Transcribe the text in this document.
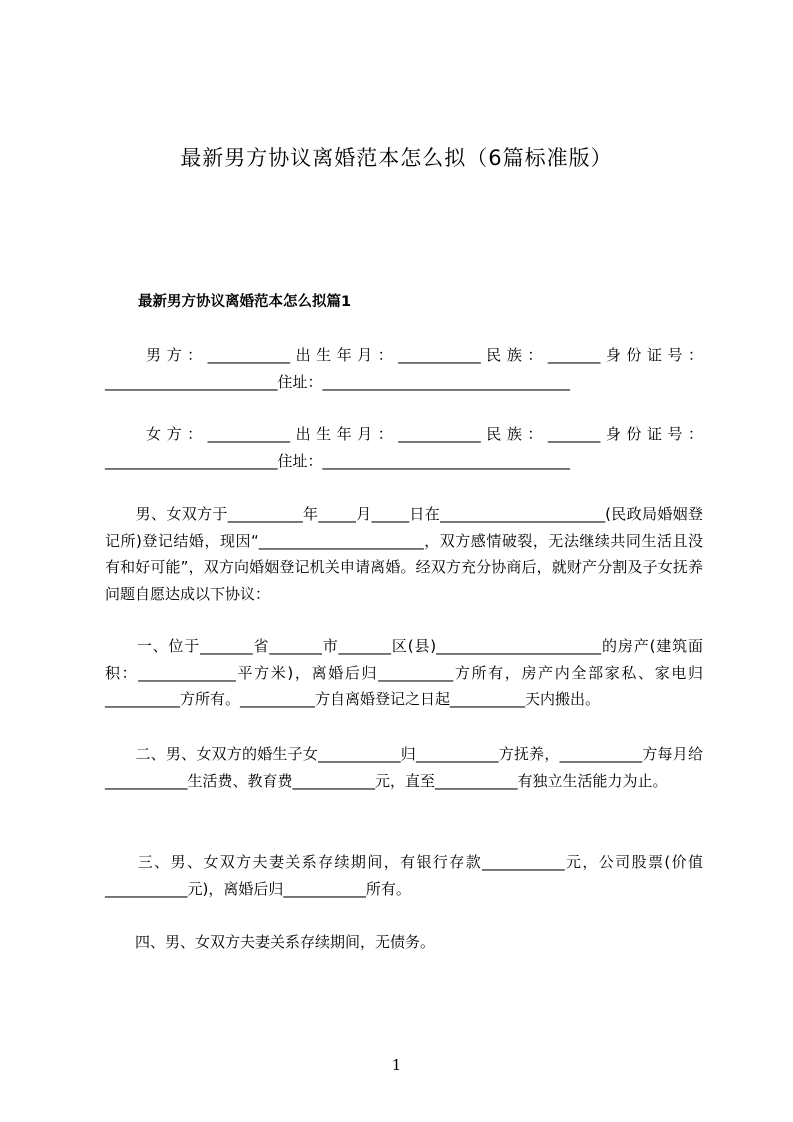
最新男方协议离婚范本怎么拟（6篇标准版）
最新男方协议离婚范本怎么拟篇1

　　男方：___________出生年月：___________民族：_______身份证号：_______________________住址：_________________________________

　　女方：___________出生年月：___________民族：_______身份证号：_______________________住址：_________________________________

　　男、女双方于__________年_____月_____日在______________________(民政局婚姻登记所)登记结婚，现因“______________________，双方感情破裂，无法继续共同生活且没有和好可能”，双方向婚姻登记机关申请离婚。经双方充分协商后，就财产分割及子女抚养问题自愿达成以下协议：

　　一、位于_______省_______市_______区(县)______________________的房产(建筑面积：_____________平方米)，离婚后归__________方所有，房产内全部家私、家电归__________方所有。__________方自离婚登记之日起__________天内搬出。

　　二、男、女双方的婚生子女___________归___________方抚养，___________方每月给___________生活费、教育费___________元，直至___________有独立生活能力为止。

　　三、男、女双方夫妻关系存续期间，有银行存款___________元，公司股票(价值___________元)，离婚后归___________所有。

　　四、男、女双方夫妻关系存续期间，无债务。

1
